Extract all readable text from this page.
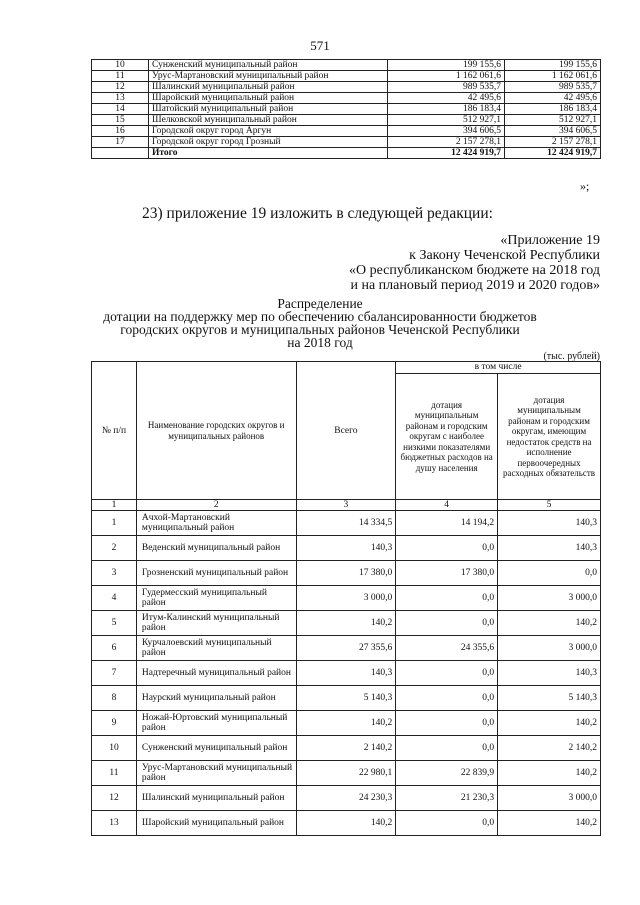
571
10	Сунженский муниципальный район	199 155,6	199 155,6
11	Урус-Мартановский муниципальный район	1 162 061,6	1 162 061,6
12	Шалинский муниципальный район	989 535,7	989 535,7
13	Шаройский муниципальный район	42 495,6	42 495,6
14	Шатойский муниципальный район	186 183,4	186 183,4
15	Шелковской муниципальный район	512 927,1	512 927,1
16	Городской округ город Аргун	394 606,5	394 606,5
17	Городской округ город Грозный	2 157 278,1	2 157 278,1
	Итого	12 424 919,7	12 424 919,7
»;
23) приложение 19 изложить в следующей редакции:
«Приложение 19
к Закону Чеченской Республики
«О республиканском бюджете на 2018 год
и на плановый период 2019 и 2020 годов»
Распределение
дотации на поддержку мер по обеспечению сбалансированности бюджетов
городских округов и муниципальных районов Чеченской Республики
на 2018 год
(тыс. рублей)
№ п/п	Наименование городских округов и муниципальных районов	Всего	в том числе	
			дотация муниципальным районам и городским округам с наиболее низкими показателями бюджетных расходов на душу населения	дотация муниципальным районам и городским округам, имеющим недостаток средств на исполнение первоочередных расходных обязательств
1	2	3	4	5
1	Ачхой-Мартановский муниципальный район	14 334,5	14 194,2	140,3
2	Веденский муниципальный район	140,3	0,0	140,3
3	Грозненский муниципальный район	17 380,0	17 380,0	0,0
4	Гудермесский муниципальный район	3 000,0	0,0	3 000,0
5	Итум-Калинский муниципальный район	140,2	0,0	140,2
6	Курчалоевский муниципальный район	27 355,6	24 355,6	3 000,0
7	Надтеречный муниципальный район	140,3	0,0	140,3
8	Наурский муниципальный район	5 140,3	0,0	5 140,3
9	Ножай-Юртовский муниципальный район	140,2	0,0	140,2
10	Сунженский муниципальный район	2 140,2	0,0	2 140,2
11	Урус-Мартановский муниципальный район	22 980,1	22 839,9	140,2
12	Шалинский муниципальный район	24 230,3	21 230,3	3 000,0
13	Шаройский муниципальный район	140,2	0,0	140,2
